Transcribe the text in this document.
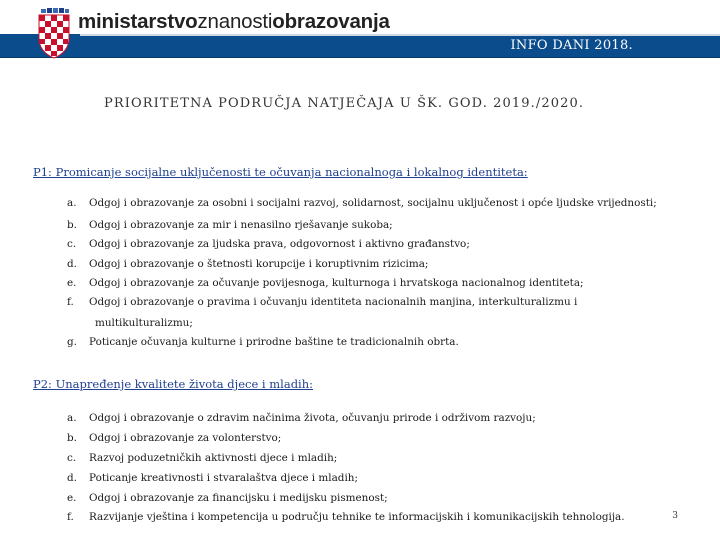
ministarstvoznanostiobrazovanja
INFO DANI 2018.
PRIORITETNA PODRUČJA NATJEČAJA U ŠK. GOD. 2019./2020.
P1: Promicanje socijalne uključenosti te očuvanja nacionalnoga i lokalnog identiteta:
a. Odgoj i obrazovanje za osobni i socijalni razvoj, solidarnost, socijalnu uključenost i opće ljudske vrijednosti;
b. Odgoj i obrazovanje za mir i nenasilno rješavanje sukoba;
c. Odgoj i obrazovanje za ljudska prava, odgovornost i aktivno građanstvo;
d. Odgoj i obrazovanje o štetnosti korupcije i koruptivnim rizicima;
e. Odgoj i obrazovanje za očuvanje povijesnoga, kulturnoga i hrvatskoga nacionalnog identiteta;
f. Odgoj i obrazovanje o pravima i očuvanju identiteta nacionalnih manjina, interkulturalizmu i
multikulturalizmu;
g. Poticanje očuvanja kulturne i prirodne baštine te tradicionalnih obrta.
P2: Unapređenje kvalitete života djece i mladih:
a. Odgoj i obrazovanje o zdravim načinima života, očuvanju prirode i održivom razvoju;
b. Odgoj i obrazovanje za volonterstvo;
c. Razvoj poduzetničkih aktivnosti djece i mladih;
d. Poticanje kreativnosti i stvaralaštva djece i mladih;
e. Odgoj i obrazovanje za financijsku i medijsku pismenost;
f. Razvijanje vještina i kompetencija u području tehnike te informacijskih i komunikacijskih tehnologija.	3
